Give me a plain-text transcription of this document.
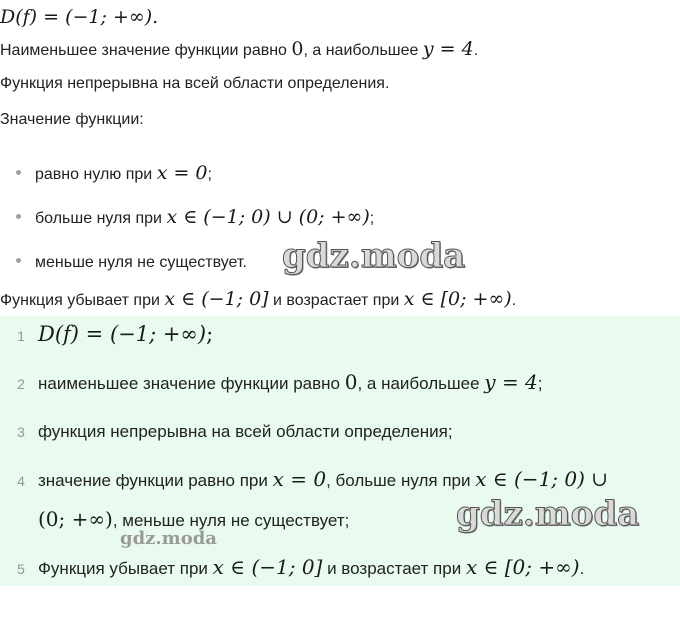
D(f) = (−1; +∞).
Наименьшее значение функции равно 0, а наибольшее y = 4.
Функция непрерывна на всей области определения.
Значение функции:
равно нулю при x = 0;
больше нуля при x ∈ (−1; 0) ∪ (0; +∞);
меньше нуля не существует. gdz.moda
Функция убывает при x ∈ (−1; 0] и возрастает при x ∈ [0; +∞).
1 D(f) = (−1; +∞);
2 наименьшее значение функции равно 0, а наибольшее y = 4;
3 функция непрерывна на всей области определения;
4 значение функции равно при x = 0, больше нуля при x ∈ (−1; 0) ∪
(0; +∞), меньше нуля не существует;	gdz.moda
gdz.moda
5 Функция убывает при x ∈ (−1; 0] и возрастает при x ∈ [0; +∞).
